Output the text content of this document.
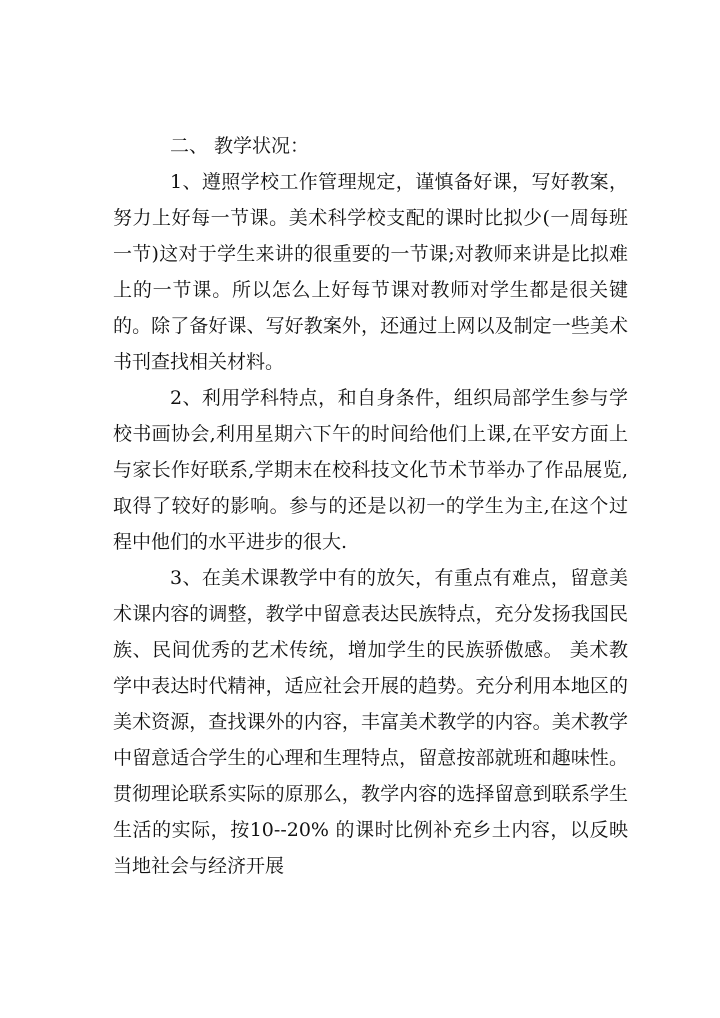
二、 教学状况：

1、遵照学校工作管理规定，谨慎备好课，写好教案，努力上好每一节课。美术科学校支配的课时比拟少(一周每班一节)这对于学生来讲的很重要的一节课;对教师来讲是比拟难上的一节课。所以怎么上好每节课对教师对学生都是很关键的。除了备好课、写好教案外，还通过上网以及制定一些美术书刊查找相关材料。

2、利用学科特点，和自身条件，组织局部学生参与学校书画协会,利用星期六下午的时间给他们上课,在平安方面上与家长作好联系,学期末在校科技文化节术节举办了作品展览,取得了较好的影响。参与的还是以初一的学生为主,在这个过程中他们的水平进步的很大.

3、在美术课教学中有的放矢，有重点有难点，留意美术课内容的调整，教学中留意表达民族特点，充分发扬我国民族、民间优秀的艺术传统，增加学生的民族骄傲感。 美术教学中表达时代精神，适应社会开展的趋势。充分利用本地区的美术资源，查找课外的内容，丰富美术教学的内容。美术教学中留意适合学生的心理和生理特点，留意按部就班和趣味性。贯彻理论联系实际的原那么，教学内容的选择留意到联系学生生活的实际，按10--20% 的课时比例补充乡土内容，以反映当地社会与经济开展
